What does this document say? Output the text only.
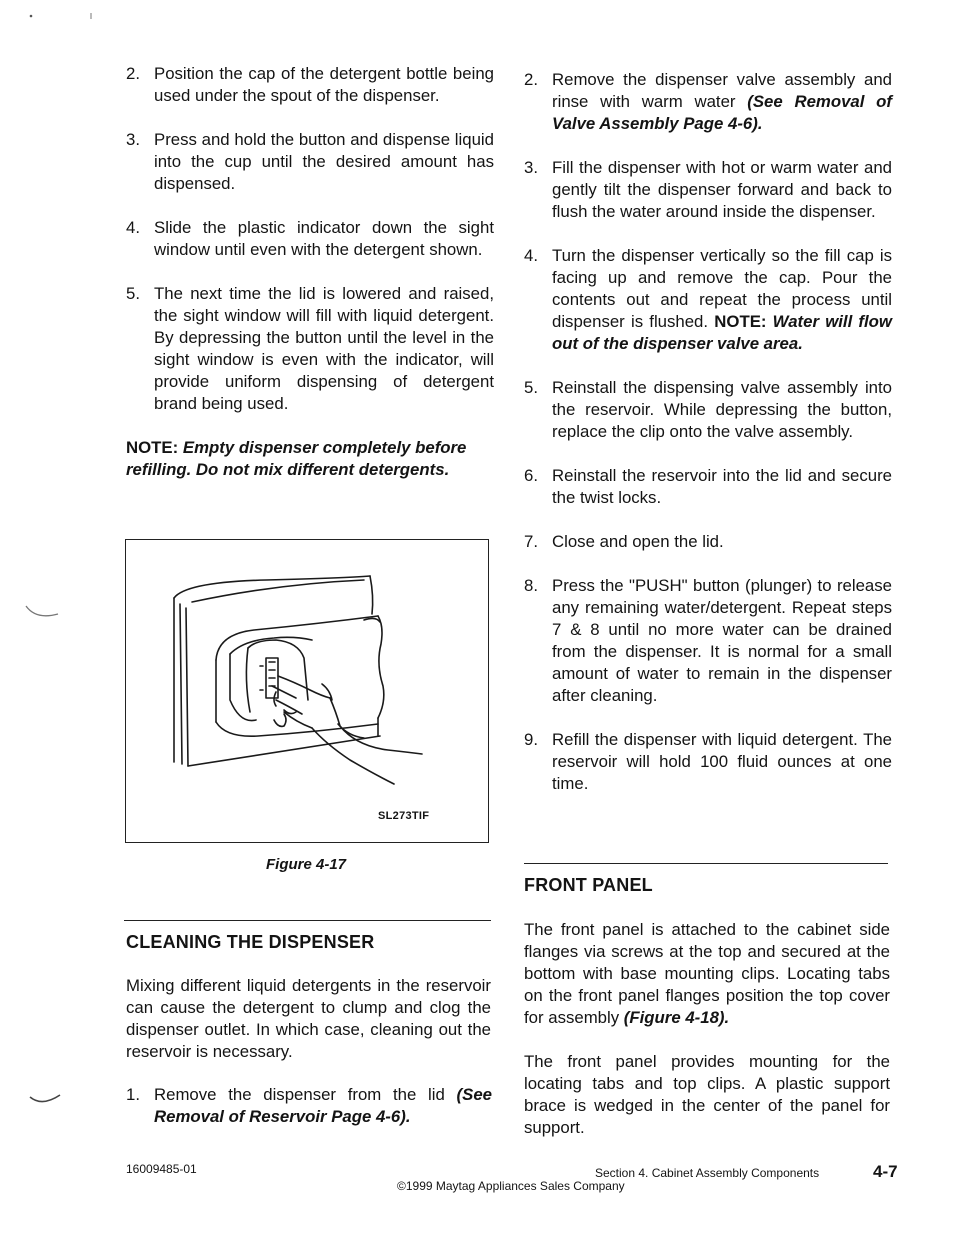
2. Position the cap of the detergent bottle being used under the spout of the dispenser.
3. Press and hold the button and dispense liquid into the cup until the desired amount has dispensed.
4. Slide the plastic indicator down the sight window until even with the detergent shown.
5. The next time the lid is lowered and raised, the sight window will fill with liquid detergent. By depressing the button until the level in the sight window is even with the indicator, will provide uniform dispensing of detergent brand being used.

NOTE: Empty dispenser completely before refilling. Do not mix different detergents.

SL273TIF
Figure 4-17
CLEANING THE DISPENSER
Mixing different liquid detergents in the reservoir can cause the detergent to clump and clog the dispenser outlet. In which case, cleaning out the reservoir is necessary.
1. Remove the dispenser from the lid (See Removal of Reservoir Page 4-6).
2. Remove the dispenser valve assembly and rinse with warm water (See Removal of Valve Assembly Page 4-6).
3. Fill the dispenser with hot or warm water and gently tilt the dispenser forward and back to flush the water around inside the dispenser.
4. Turn the dispenser vertically so the fill cap is facing up and remove the cap. Pour the contents out and repeat the process until dispenser is flushed. NOTE: Water will flow out of the dispenser valve area.
5. Reinstall the dispensing valve assembly into the reservoir. While depressing the button, replace the clip onto the valve assembly.
6. Reinstall the reservoir into the lid and secure the twist locks.
7. Close and open the lid.
8. Press the "PUSH" button (plunger) to release any remaining water/detergent. Repeat steps 7 & 8 until no more water can be drained from the dispenser. It is normal for a small amount of water to remain in the dispenser after cleaning.
9. Refill the dispenser with liquid detergent. The reservoir will hold 100 fluid ounces at one time.
FRONT PANEL
The front panel is attached to the cabinet side flanges via screws at the top and secured at the bottom with base mounting clips. Locating tabs on the front panel flanges position the top cover for assembly (Figure 4-18).
The front panel provides mounting for the locating tabs and top clips. A plastic support brace is wedged in the center of the panel for support.
16009485-01	Section 4. Cabinet Assembly Components
©1999 Maytag Appliances Sales Company
4-7
